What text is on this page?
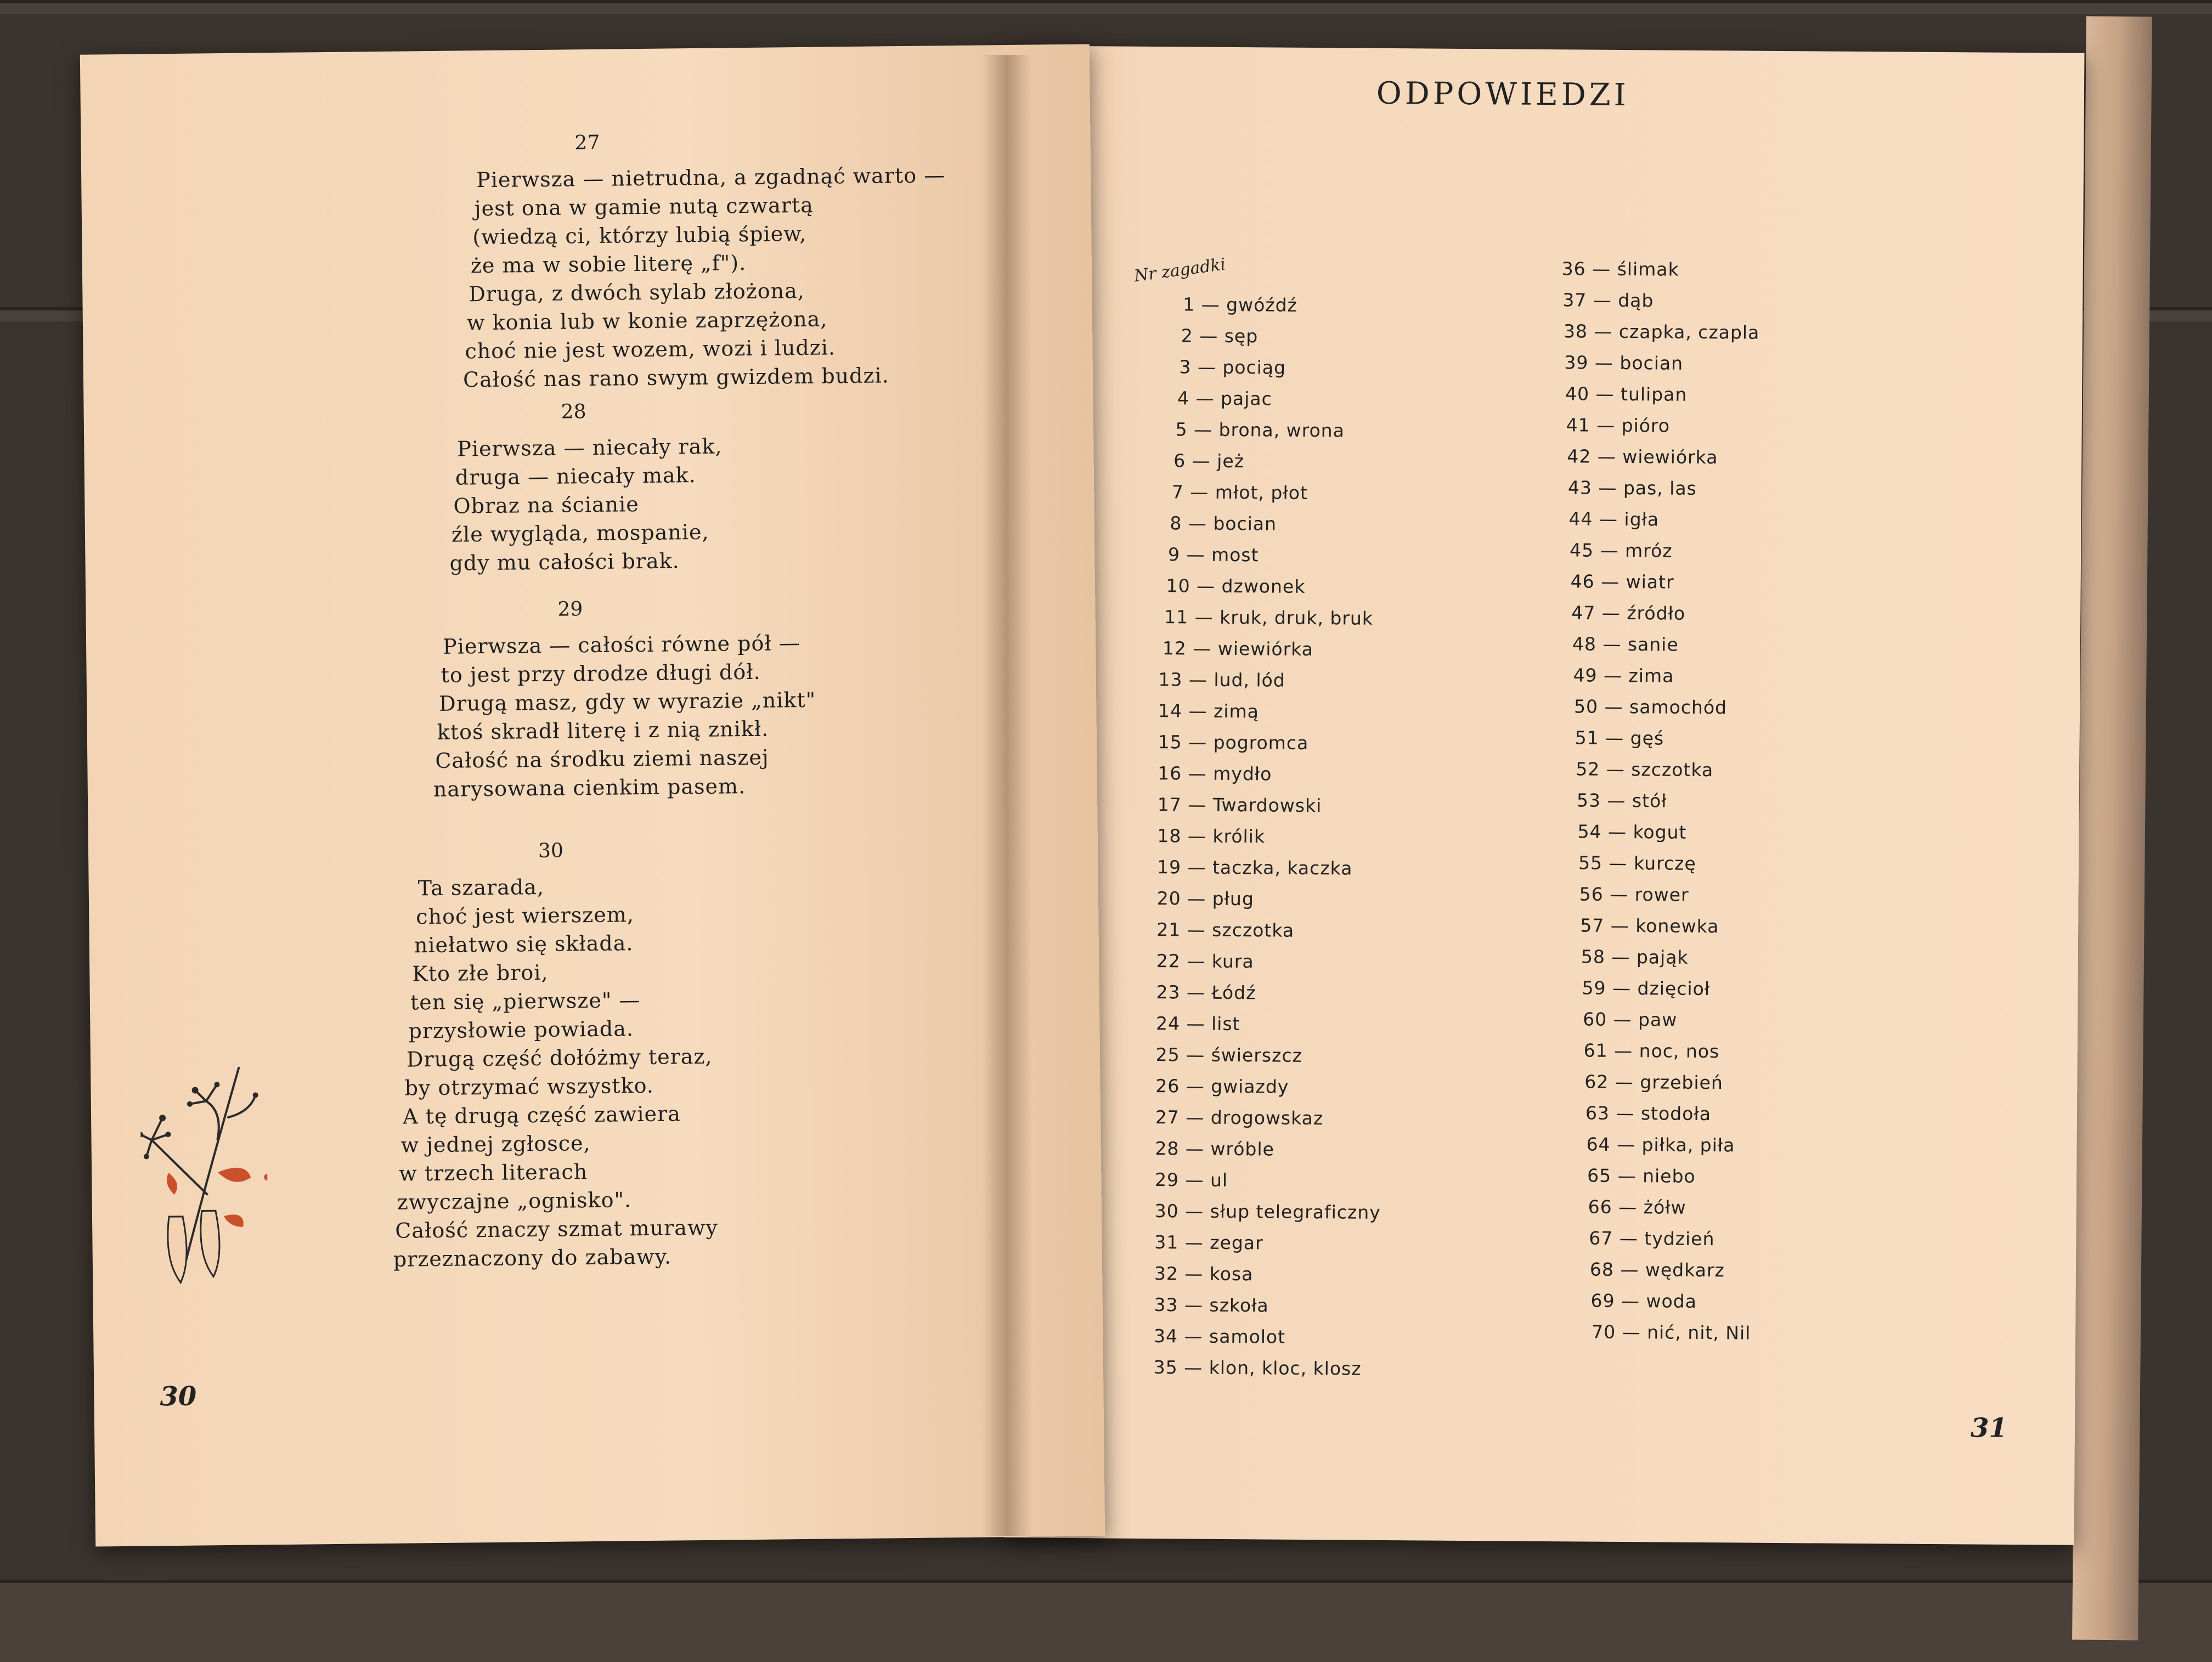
ODPOWIEDZI
Nr zagadki
1 — gwóźdź
2 — sęp
3 — pociąg
4 — pajac
5 — brona, wrona
6 — jeż
7 — młot, płot
8 — bocian
9 — most
10 — dzwonek
11 — kruk, druk, bruk
12 — wiewiórka
13 — lud, lód
14 — zimą
15 — pogromca
16 — mydło
17 — Twardowski
18 — królik
19 — taczka, kaczka
20 — pług
21 — szczotka
22 — kura
23 — Łódź
24 — list
25 — świerszcz
26 — gwiazdy
27 — drogowskaz
28 — wróble
29 — ul
30 — słup telegraficzny
31 — zegar
32 — kosa
33 — szkoła
34 — samolot
35 — klon, kloc, klosz
36 — ślimak
37 — dąb
38 — czapka, czapla
39 — bocian
40 — tulipan
41 — pióro
42 — wiewiórka
43 — pas, las
44 — igła
45 — mróz
46 — wiatr
47 — źródło
48 — sanie
49 — zima
50 — samochód
51 — gęś
52 — szczotka
53 — stół
54 — kogut
55 — kurczę
56 — rower
57 — konewka
58 — pająk
59 — dzięcioł
60 — paw
61 — noc, nos
62 — grzebień
63 — stodoła
64 — piłka, piła
65 — niebo
66 — żółw
67 — tydzień
68 — wędkarz
69 — woda
70 — nić, nit, Nil
31
27
Pierwsza — nietrudna, a zgadnąć warto —
jest ona w gamie nutą czwartą
(wiedzą ci, którzy lubią śpiew,
że ma w sobie literę „f").
Druga, z dwóch sylab złożona,
w konia lub w konie zaprzężona,
choć nie jest wozem, wozi i ludzi.
Całość nas rano swym gwizdem budzi.
28
Pierwsza — niecały rak,
druga — niecały mak.
Obraz na ścianie
źle wygląda, mospanie,
gdy mu całości brak.
29
Pierwsza — całości równe pół —
to jest przy drodze długi dół.
Drugą masz, gdy w wyrazie „nikt"
ktoś skradł literę i z nią znikł.
Całość na środku ziemi naszej
narysowana cienkim pasem.
30
Ta szarada,
choć jest wierszem,
niełatwo się składa.
Kto złe broi,
ten się „pierwsze" —
przysłowie powiada.
Drugą część dołóżmy teraz,
by otrzymać wszystko.
A tę drugą część zawiera
w jednej zgłosce,
w trzech literach
zwyczajne „ognisko".
Całość znaczy szmat murawy
przeznaczony do zabawy.
30
